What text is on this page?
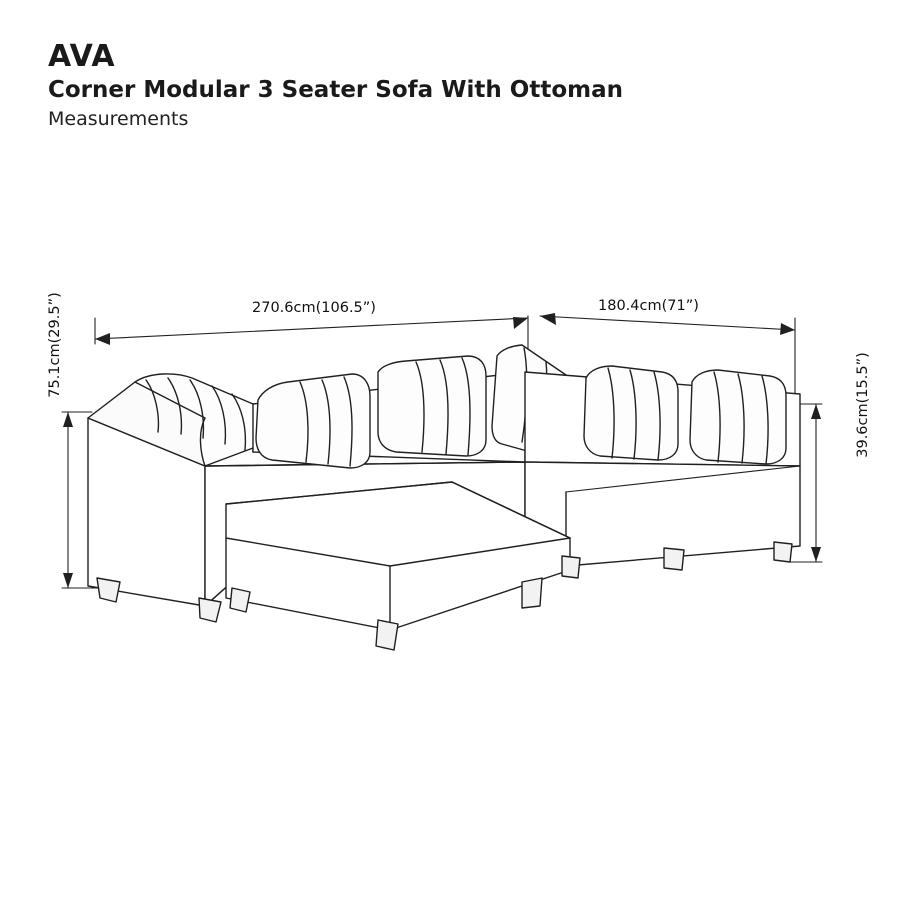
AVA
Corner Modular 3 Seater Sofa With Ottoman

Measurements

270.6cm(106.5”)	180.4cm(71”)
75.1cm(29.5”)
39.6cm(15.5”)
